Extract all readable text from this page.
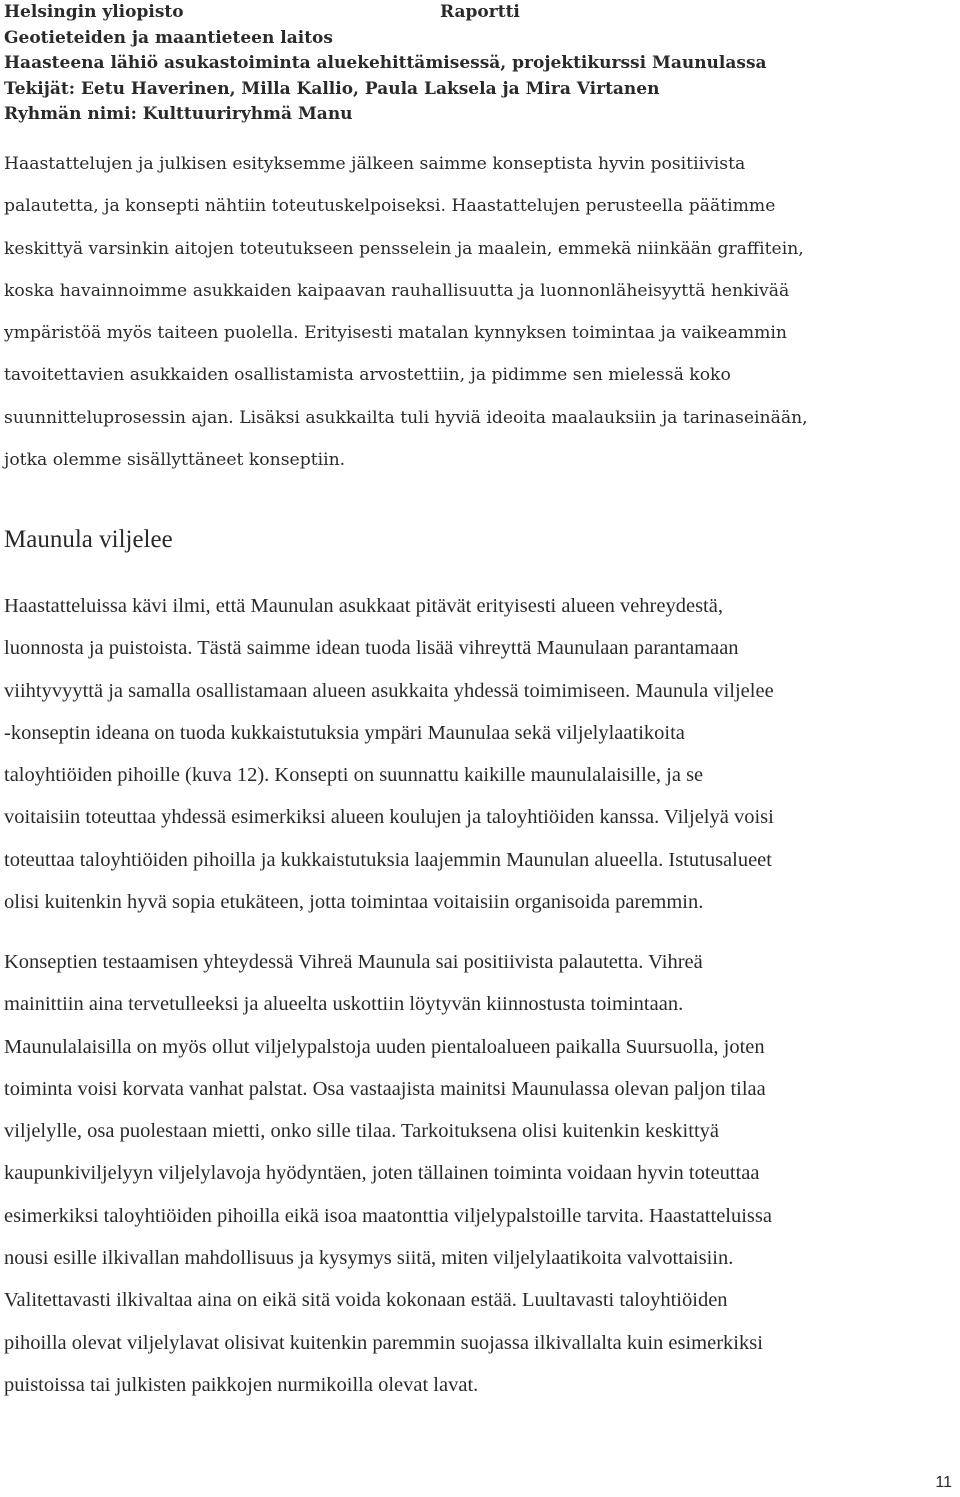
Helsingin yliopisto	Raportti
Geotieteiden ja maantieteen laitos
Haasteena lähiö asukastoiminta aluekehittämisessä, projektikurssi Maunulassa
Tekijät: Eetu Haverinen, Milla Kallio, Paula Laksela ja Mira Virtanen
Ryhmän nimi: Kulttuuriryhmä Manu

Haastattelujen ja julkisen esityksemme jälkeen saimme konseptista hyvin positiivista
palautetta, ja konsepti nähtiin toteutuskelpoiseksi. Haastattelujen perusteella päätimme
keskittyä varsinkin aitojen toteutukseen pensselein ja maalein, emmekä niinkään graffitein,
koska havainnoimme asukkaiden kaipaavan rauhallisuutta ja luonnonläheisyyttä henkivää
ympäristöä myös taiteen puolella. Erityisesti matalan kynnyksen toimintaa ja vaikeammin
tavoitettavien asukkaiden osallistamista arvostettiin, ja pidimme sen mielessä koko
suunnitteluprosessin ajan. Lisäksi asukkailta tuli hyviä ideoita maalauksiin ja tarinaseinään,
jotka olemme sisällyttäneet konseptiin.

Maunula viljelee

Haastatteluissa kävi ilmi, että Maunulan asukkaat pitävät erityisesti alueen vehreydestä,
luonnosta ja puistoista. Tästä saimme idean tuoda lisää vihreyttä Maunulaan parantamaan
viihtyvyyttä ja samalla osallistamaan alueen asukkaita yhdessä toimimiseen. Maunula viljelee
-konseptin ideana on tuoda kukkaistutuksia ympäri Maunulaa sekä viljelylaatikoita
taloyhtiöiden pihoille (kuva 12). Konsepti on suunnattu kaikille maunulalaisille, ja se
voitaisiin toteuttaa yhdessä esimerkiksi alueen koulujen ja taloyhtiöiden kanssa. Viljelyä voisi
toteuttaa taloyhtiöiden pihoilla ja kukkaistutuksia laajemmin Maunulan alueella. Istutusalueet
olisi kuitenkin hyvä sopia etukäteen, jotta toimintaa voitaisiin organisoida paremmin.

Konseptien testaamisen yhteydessä Vihreä Maunula sai positiivista palautetta. Vihreä
mainittiin aina tervetulleeksi ja alueelta uskottiin löytyvän kiinnostusta toimintaan.
Maunulalaisilla on myös ollut viljelypalstoja uuden pientaloalueen paikalla Suursuolla, joten
toiminta voisi korvata vanhat palstat. Osa vastaajista mainitsi Maunulassa olevan paljon tilaa
viljelylle, osa puolestaan mietti, onko sille tilaa. Tarkoituksena olisi kuitenkin keskittyä
kaupunkiviljelyyn viljelylavoja hyödyntäen, joten tällainen toiminta voidaan hyvin toteuttaa
esimerkiksi taloyhtiöiden pihoilla eikä isoa maatonttia viljelypalstoille tarvita. Haastatteluissa
nousi esille ilkivallan mahdollisuus ja kysymys siitä, miten viljelylaatikoita valvottaisiin.
Valitettavasti ilkivaltaa aina on eikä sitä voida kokonaan estää. Luultavasti taloyhtiöiden
pihoilla olevat viljelylavat olisivat kuitenkin paremmin suojassa ilkivallalta kuin esimerkiksi
puistoissa tai julkisten paikkojen nurmikoilla olevat lavat.

11
